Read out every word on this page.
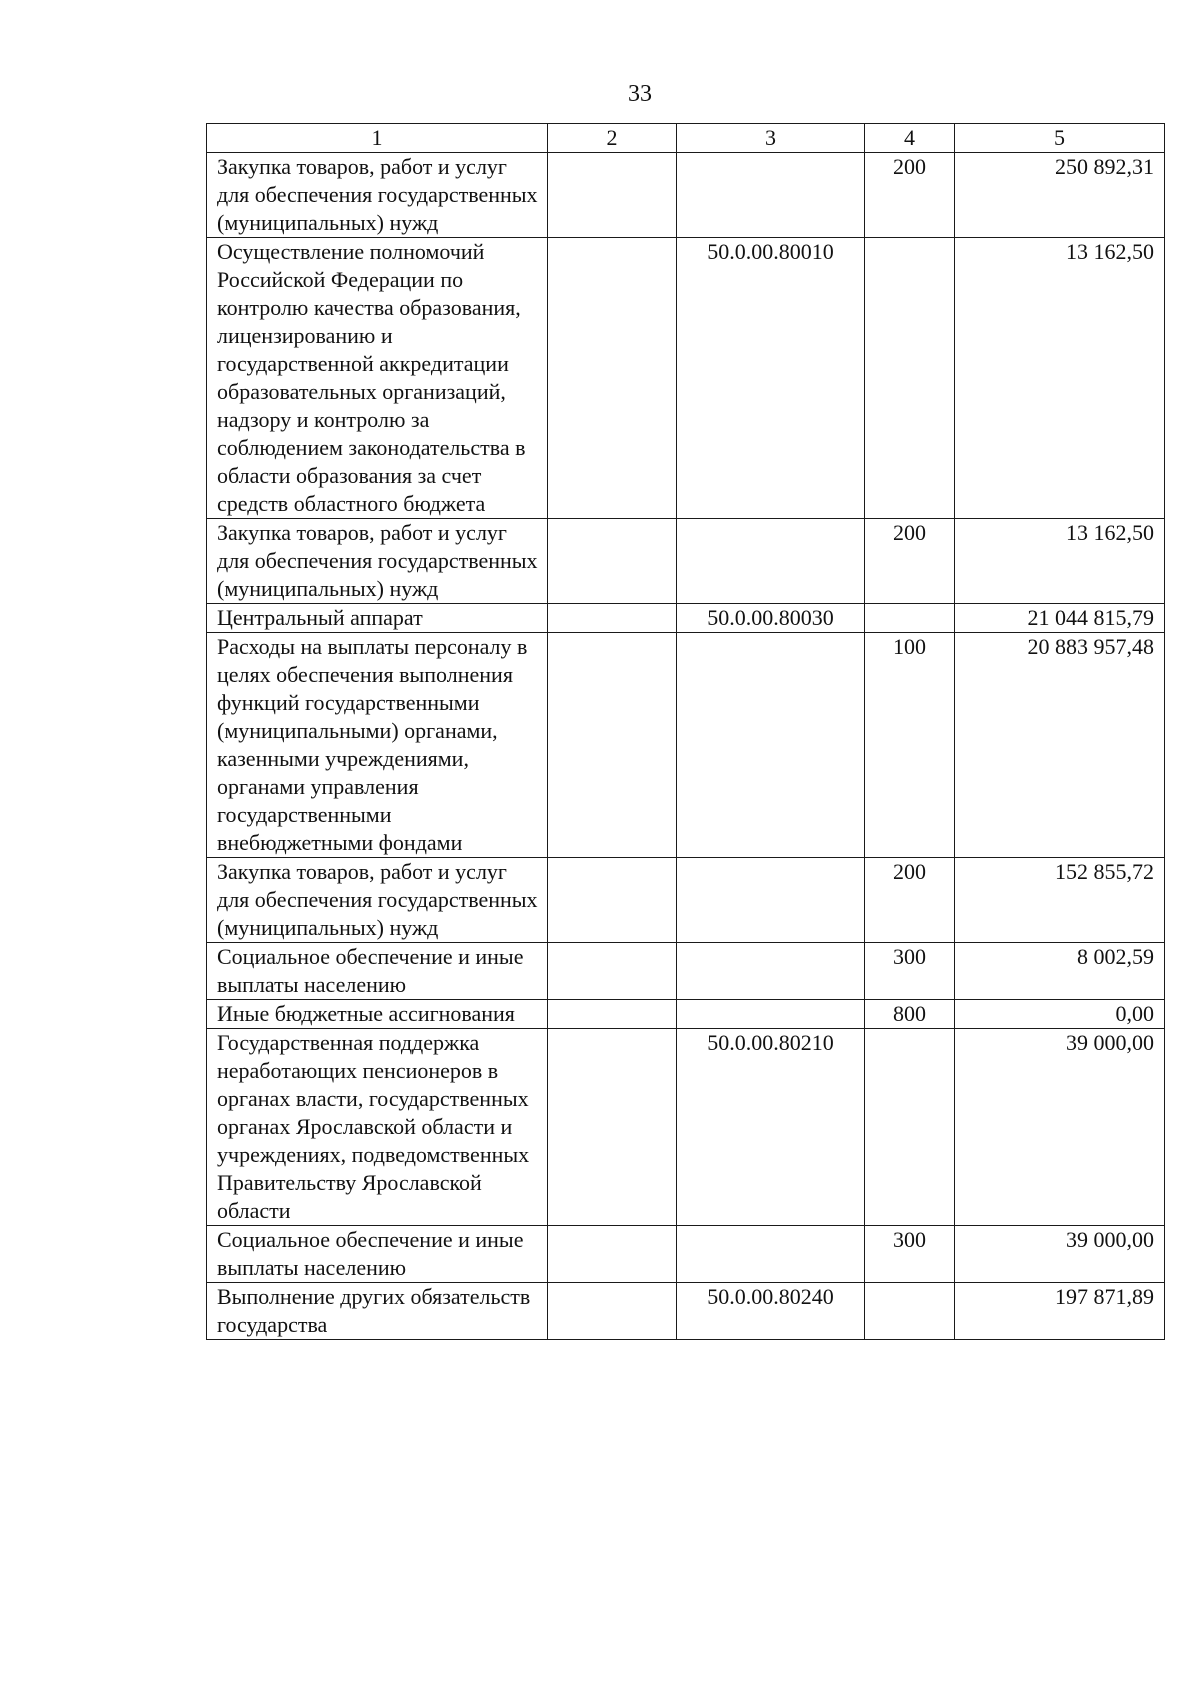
33
1	2	3	4	5
Закупка товаров, работ и услуг для обеспечения государственных (муниципальных) нужд			200	250 892,31
Осуществление полномочий Российской Федерации по контролю качества образования, лицензированию и государственной аккредитации образовательных организаций, надзору и контролю за соблюдением законодательства в области образования за счет средств областного бюджета		50.0.00.80010		13 162,50
Закупка товаров, работ и услуг для обеспечения государственных (муниципальных) нужд			200	13 162,50
Центральный аппарат		50.0.00.80030		21 044 815,79
Расходы на выплаты персоналу в целях обеспечения выполнения функций государственными (муниципальными) органами, казенными учреждениями, органами управления государственными внебюджетными фондами			100	20 883 957,48
Закупка товаров, работ и услуг для обеспечения государственных (муниципальных) нужд			200	152 855,72
Социальное обеспечение и иные выплаты населению			300	8 002,59
Иные бюджетные ассигнования			800	0,00
Государственная поддержка неработающих пенсионеров в органах власти, государственных органах Ярославской области и учреждениях, подведомственных Правительству Ярославской области		50.0.00.80210		39 000,00
Социальное обеспечение и иные выплаты населению			300	39 000,00
Выполнение других обязательств государства		50.0.00.80240		197 871,89
